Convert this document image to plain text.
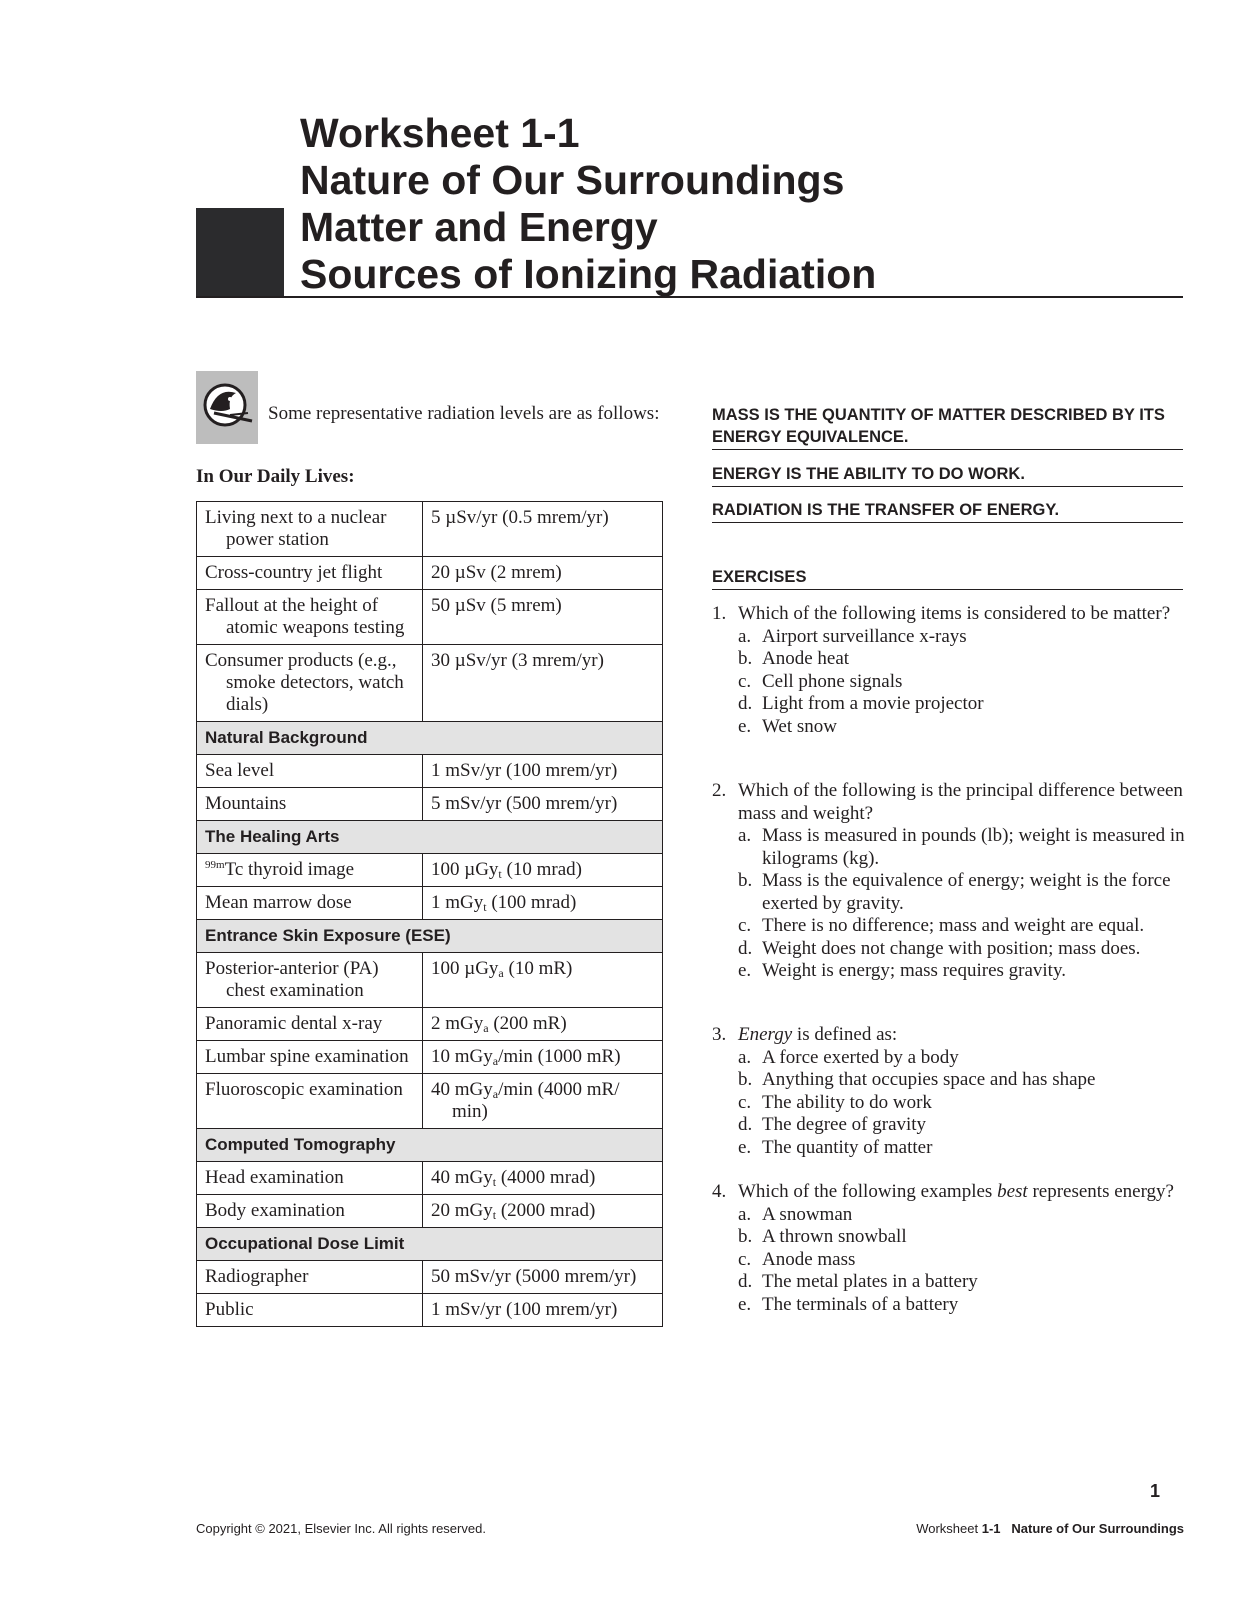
Worksheet 1-1
Nature of Our Surroundings
Matter and Energy
Sources of Ionizing Radiation
Some representative radiation levels are as follows:
In Our Daily Lives:
Living next to a nuclear power station	5 µSv/yr (0.5 mrem/yr)

Cross-country jet flight	20 µSv (2 mrem)

Fallout at the height of atomic weapons testing	50 µSv (5 mrem)

Consumer products (e.g., smoke detectors, watch dials)	30 µSv/yr (3 mrem/yr)

Natural Background	

Sea level	1 mSv/yr (100 mrem/yr)

Mountains	5 mSv/yr (500 mrem/yr)

The Healing Arts	

$^{99m}$Tc thyroid image	100 µGy$_t$ (10 mrad)

Mean marrow dose	1 mGy$_t$ (100 mrad)

Entrance Skin Exposure (ESE)	

Posterior-anterior (PA) chest examination	100 µGy$_a$ (10 mR)

Panoramic dental x-ray	2 mGy$_a$ (200 mR)

Lumbar spine examination	10 mGy$_a$/min (1000 mR)

Fluoroscopic examination	40 mGy$_a$/min (4000 mR/ min)

Computed Tomography	

Head examination	40 mGy$_t$ (4000 mrad)

Body examination	20 mGy$_t$ (2000 mrad)

Occupational Dose Limit	

Radiographer	50 mSv/yr (5000 mrem/yr)

Public	1 mSv/yr (100 mrem/yr)
MASS IS THE QUANTITY OF MATTER DESCRIBED BY ITS ENERGY EQUIVALENCE.
ENERGY IS THE ABILITY TO DO WORK.
RADIATION IS THE TRANSFER OF ENERGY.
EXERCISES
1. Which of the following items is considered to be matter?
a. Airport surveillance x-rays
b. Anode heat
c. Cell phone signals
d. Light from a movie projector
e. Wet snow
2. Which of the following is the principal difference between mass and weight?
a. Mass is measured in pounds (lb); weight is measured in kilograms (kg).
b. Mass is the equivalence of energy; weight is the force exerted by gravity.
c. There is no difference; mass and weight are equal.
d. Weight does not change with position; mass does.
e. Weight is energy; mass requires gravity.
3. Energy is defined as:
a. A force exerted by a body
b. Anything that occupies space and has shape
c. The ability to do work
d. The degree of gravity
e. The quantity of matter
4. Which of the following examples best represents energy?
a. A snowman
b. A thrown snowball
c. Anode mass
d. The metal plates in a battery
e. The terminals of a battery
1
Copyright © 2021, Elsevier Inc. All rights reserved.	Worksheet 1-1 Nature of Our Surroundings
